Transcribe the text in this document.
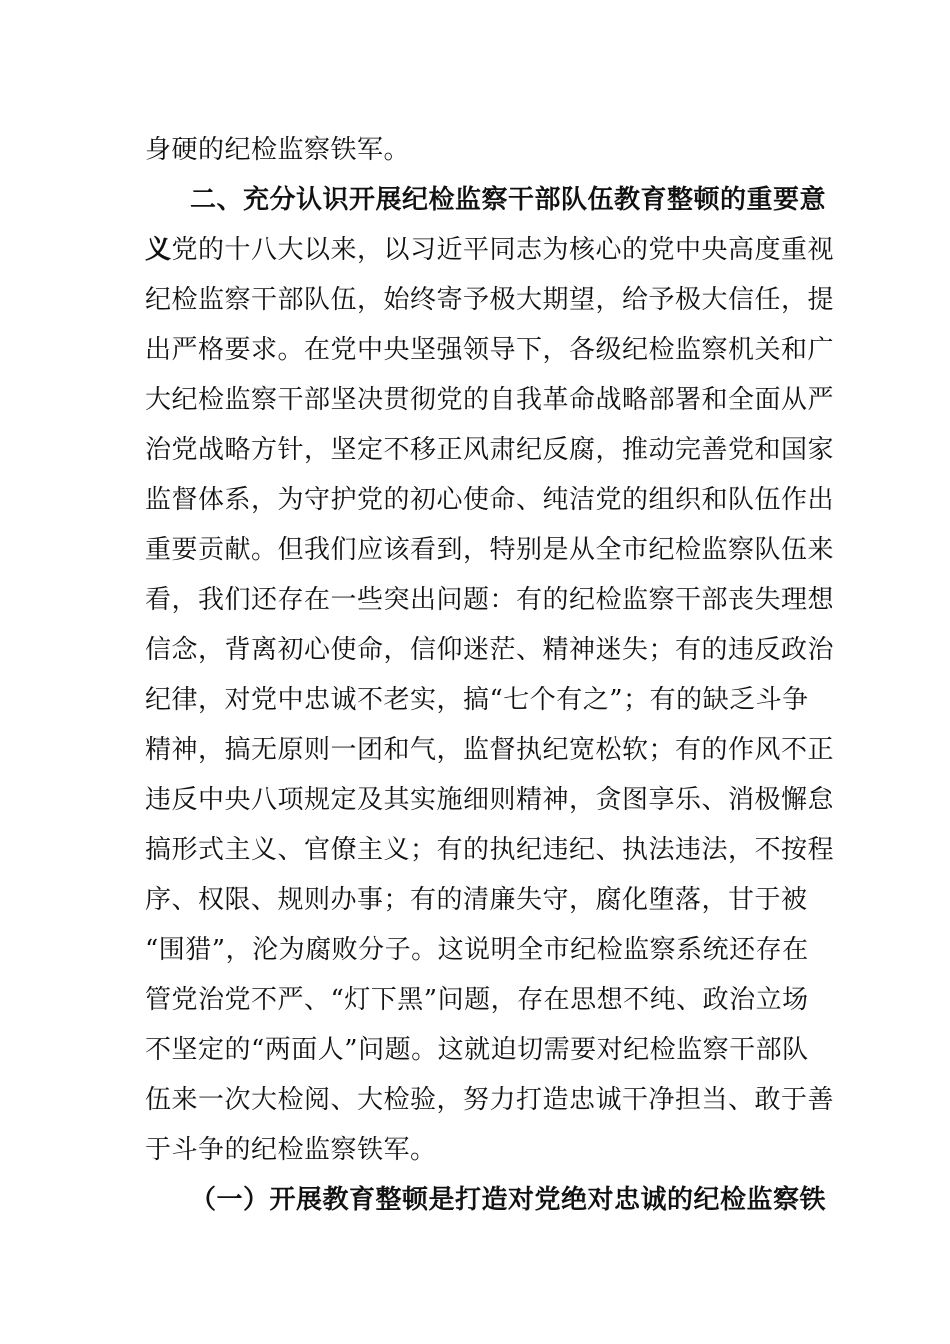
身硬的纪检监察铁军。
二、充分认识开展纪检监察干部队伍教育整顿的重要意
义党的十八大以来，以习近平同志为核心的党中央高度重视
纪检监察干部队伍，始终寄予极大期望，给予极大信任，提
出严格要求。在党中央坚强领导下，各级纪检监察机关和广
大纪检监察干部坚决贯彻党的自我革命战略部署和全面从严
治党战略方针，坚定不移正风肃纪反腐，推动完善党和国家
监督体系，为守护党的初心使命、纯洁党的组织和队伍作出
重要贡献。但我们应该看到，特别是从全市纪检监察队伍来
看，我们还存在一些突出问题：有的纪检监察干部丧失理想
信念，背离初心使命，信仰迷茫、精神迷失；有的违反政治
纪律，对党中忠诚不老实，搞“七个有之”；有的缺乏斗争
精神，搞无原则一团和气，监督执纪宽松软；有的作风不正
违反中央八项规定及其实施细则精神，贪图享乐、消极懈怠
搞形式主义、官僚主义；有的执纪违纪、执法违法，不按程
序、权限、规则办事；有的清廉失守，腐化堕落，甘于被
“围猎”，沦为腐败分子。这说明全市纪检监察系统还存在
管党治党不严、“灯下黑”问题，存在思想不纯、政治立场
不坚定的“两面人”问题。这就迫切需要对纪检监察干部队
伍来一次大检阅、大检验，努力打造忠诚干净担当、敢于善
于斗争的纪检监察铁军。
（一）开展教育整顿是打造对党绝对忠诚的纪检监察铁
